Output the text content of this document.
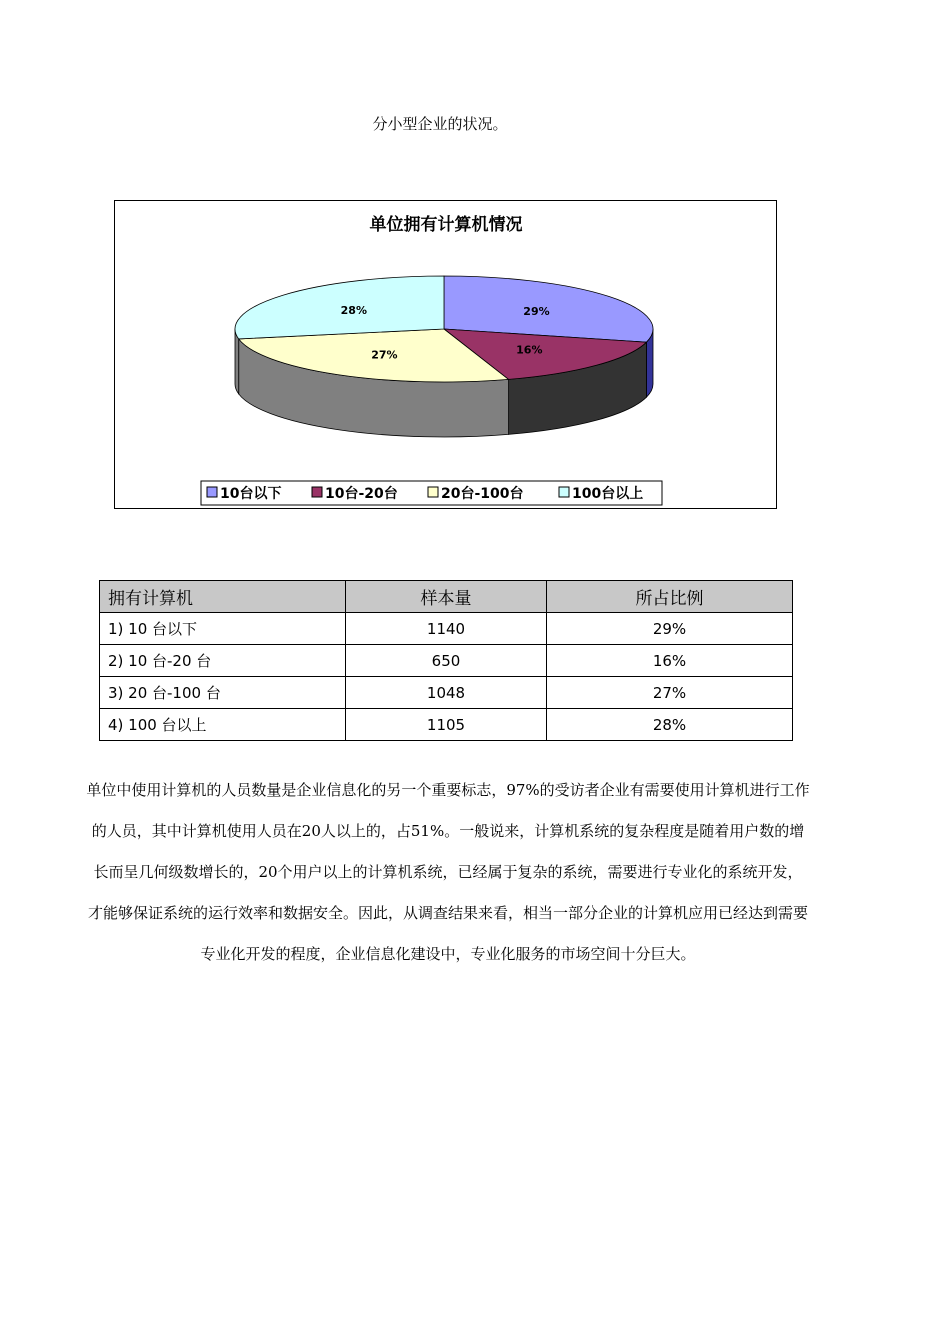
分小型企业的状况。
单位拥有计算机情况
29%
16%
27%
28%
10台以下	10台-20台	20台-100台	100台以上
拥有计算机	样本量	所占比例
1) 10 台以下	1140	29%
2) 10 台-20 台	650	16%
3) 20 台-100 台	1048	27%
4) 100 台以上	1105	28%
单位中使用计算机的人员数量是企业信息化的另一个重要标志，97%的受访者企业有需要使用计算机进行工作的人员，其中计算机使用人员在20人以上的，占51%。一般说来，计算机系统的复杂程度是随着用户数的增长而呈几何级数增长的，20个用户以上的计算机系统，已经属于复杂的系统，需要进行专业化的系统开发，才能够保证系统的运行效率和数据安全。因此，从调查结果来看，相当一部分企业的计算机应用已经达到需要专业化开发的程度，企业信息化建设中，专业化服务的市场空间十分巨大。
